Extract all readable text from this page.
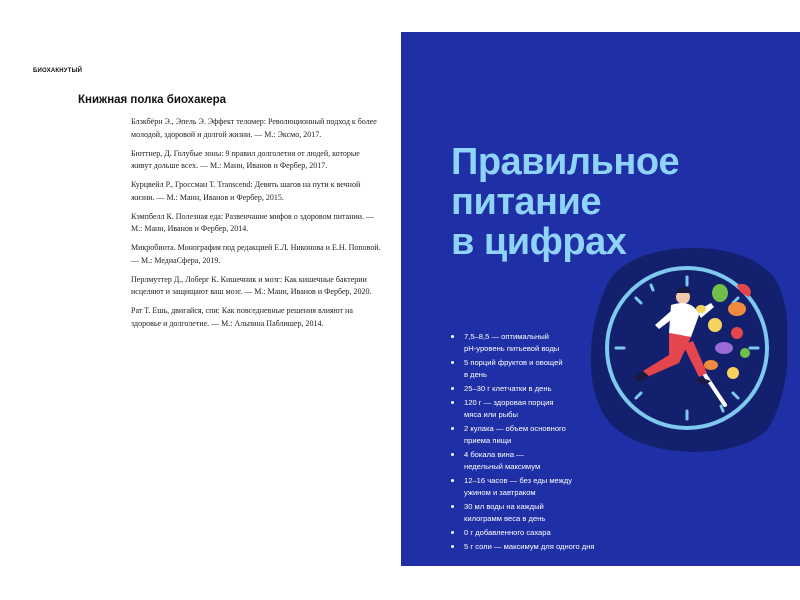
БИОХАКНУТЫЙ
Книжная полка биохакера
Блэкбёрн Э., Эпель Э. Эффект теломер: Революционный подход к более молодой, здоровой и долгой жизни. — М.: Эксмо, 2017.
Бюттнер, Д. Голубые зоны: 9 правил долголетия от людей, которые живут дольше всех. — М.: Манн, Иванов и Фербер, 2017.
Курцвейл Р., Гроссман Т. Transcend: Девять шагов на пути к вечной жизни. — М.: Манн, Иванов и Фербер, 2015.
Кэмпбелл К. Полезная еда: Развенчание мифов о здоровом питании. — М.: Манн, Иванов и Фербер, 2014.
Микробиота. Монография под редакцией Е.Л. Никонова и Е.Н. Поповой. — М.: МедиаСфера, 2019.
Перлмуттер Д., Лоберг К. Кишечник и мозг: Как кишечные бактерии исцеляют и защищают ваш мозг. — М.: Манн, Иванов и Фербер, 2020.
Рат Т. Ешь, двигайся, спи: Как повседневные решения влияют на здоровье и долголетие. — М.: Альпина Паблишер, 2014.
Правильное
питание
в цифрах
7,5–8,5 — оптимальный
рН-уровень питьевой воды
5 порций фруктов и овощей
в день
25–30 г клетчатки в день
120 г — здоровая порция
мяса или рыбы
2 кулака — объем основного
приема пищи
4 бокала вина —
недельный максимум
12–16 часов — без еды между
ужином и завтраком
30 мл воды на каждый
килограмм веса в день
0 г добавленного сахара
5 г соли — максимум для одного дня
